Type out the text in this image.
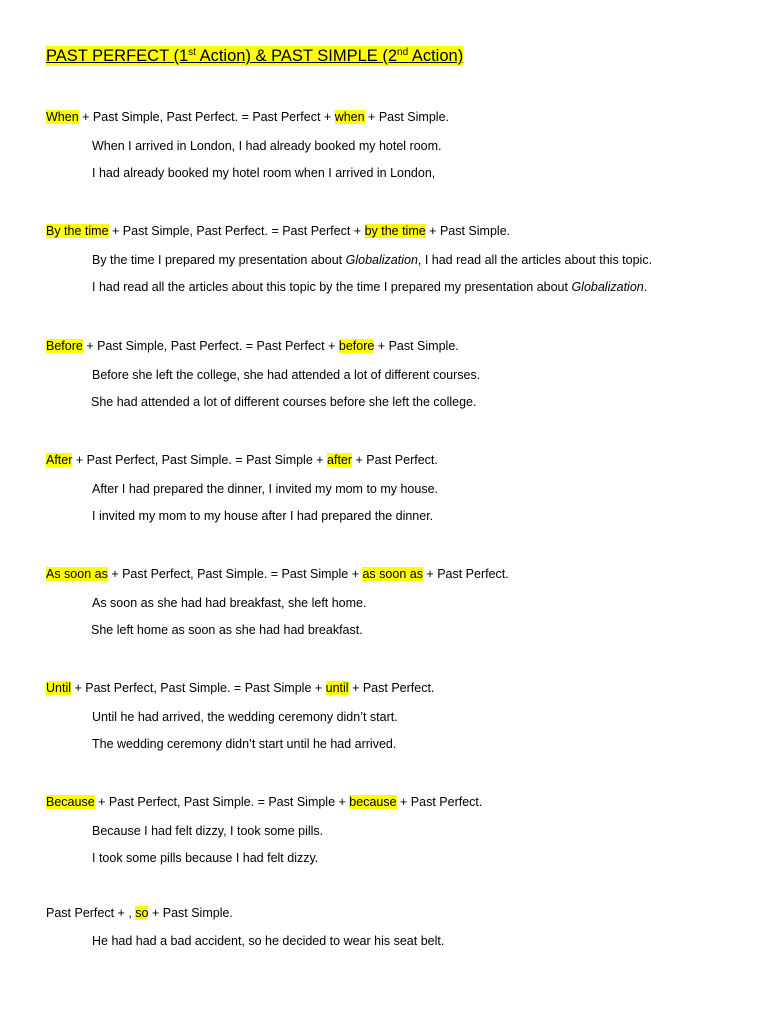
PAST PERFECT (1st Action) & PAST SIMPLE (2nd Action)
When + Past Simple, Past Perfect. = Past Perfect + when + Past Simple.
When I arrived in London, I had already booked my hotel room.
I had already booked my hotel room when I arrived in London,
By the time + Past Simple, Past Perfect. = Past Perfect + by the time + Past Simple.
By the time I prepared my presentation about Globalization, I had read all the articles about this topic.
I had read all the articles about this topic by the time I prepared my presentation about Globalization.
Before + Past Simple, Past Perfect. = Past Perfect + before + Past Simple.
Before she left the college, she had attended a lot of different courses.
She had attended a lot of different courses before she left the college.
After + Past Perfect, Past Simple. = Past Simple + after + Past Perfect.
After I had prepared the dinner, I invited my mom to my house.
I invited my mom to my house after I had prepared the dinner.
As soon as + Past Perfect, Past Simple. = Past Simple + as soon as + Past Perfect.
As soon as she had had breakfast, she left home.
She left home as soon as she had had breakfast.
Until + Past Perfect, Past Simple. = Past Simple + until + Past Perfect.
Until he had arrived, the wedding ceremony didn’t start.
The wedding ceremony didn’t start until he had arrived.
Because + Past Perfect, Past Simple. = Past Simple + because + Past Perfect.
Because I had felt dizzy, I took some pills.
I took some pills because I had felt dizzy.
Past Perfect + , so + Past Simple.
He had had a bad accident, so he decided to wear his seat belt.
